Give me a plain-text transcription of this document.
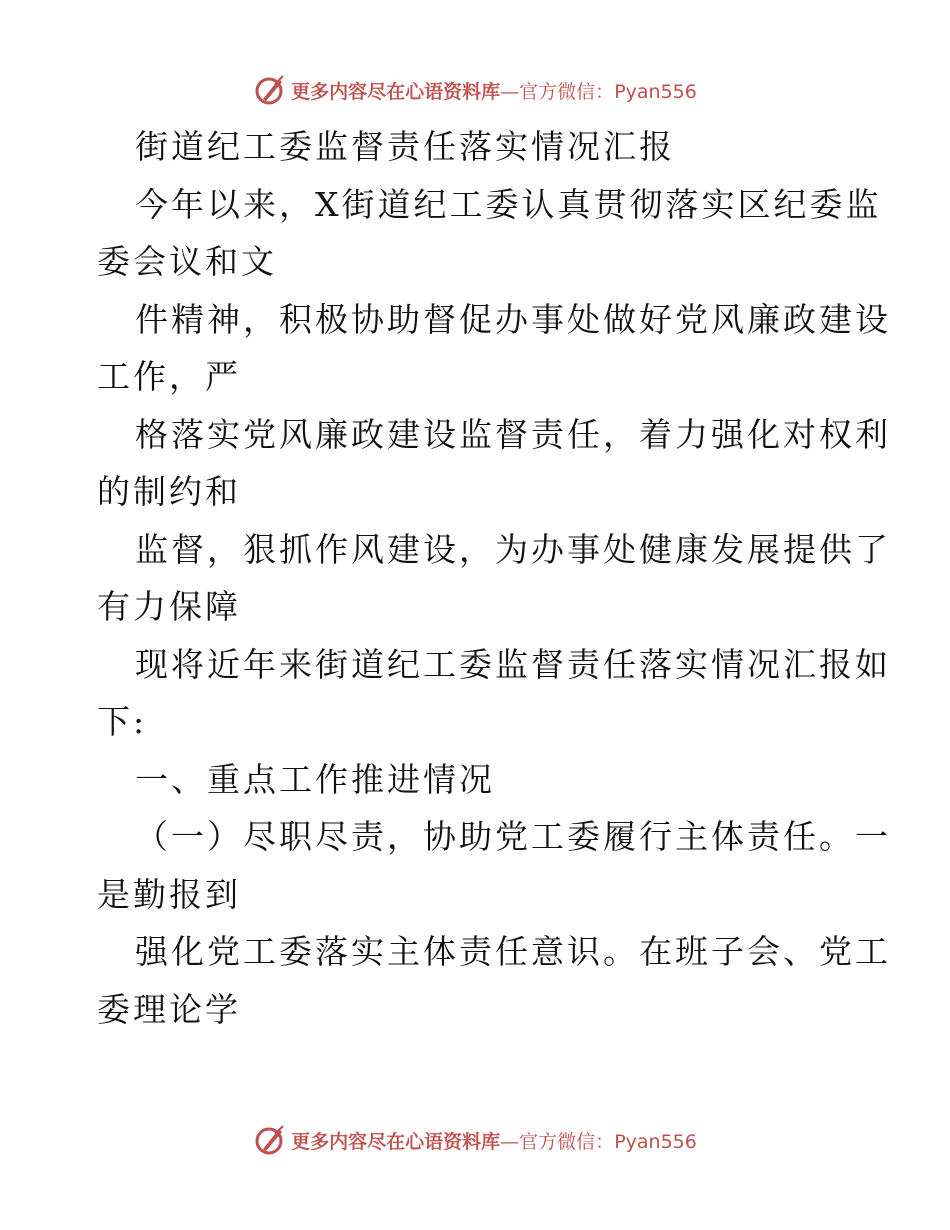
更多内容尽在心语资料库—官方微信：Pyan556
街道纪工委监督责任落实情况汇报
今年以来，X街道纪工委认真贯彻落实区纪委监
委会议和文
件精神，积极协助督促办事处做好党风廉政建设
工作，严
格落实党风廉政建设监督责任，着力强化对权利
的制约和
监督，狠抓作风建设，为办事处健康发展提供了
有力保障
现将近年来街道纪工委监督责任落实情况汇报如
下:
一、重点工作推进情况
（一）尽职尽责，协助党工委履行主体责任。一
是勤报到
强化党工委落实主体责任意识。在班子会、党工
委理论学
更多内容尽在心语资料库—官方微信：Pyan556
